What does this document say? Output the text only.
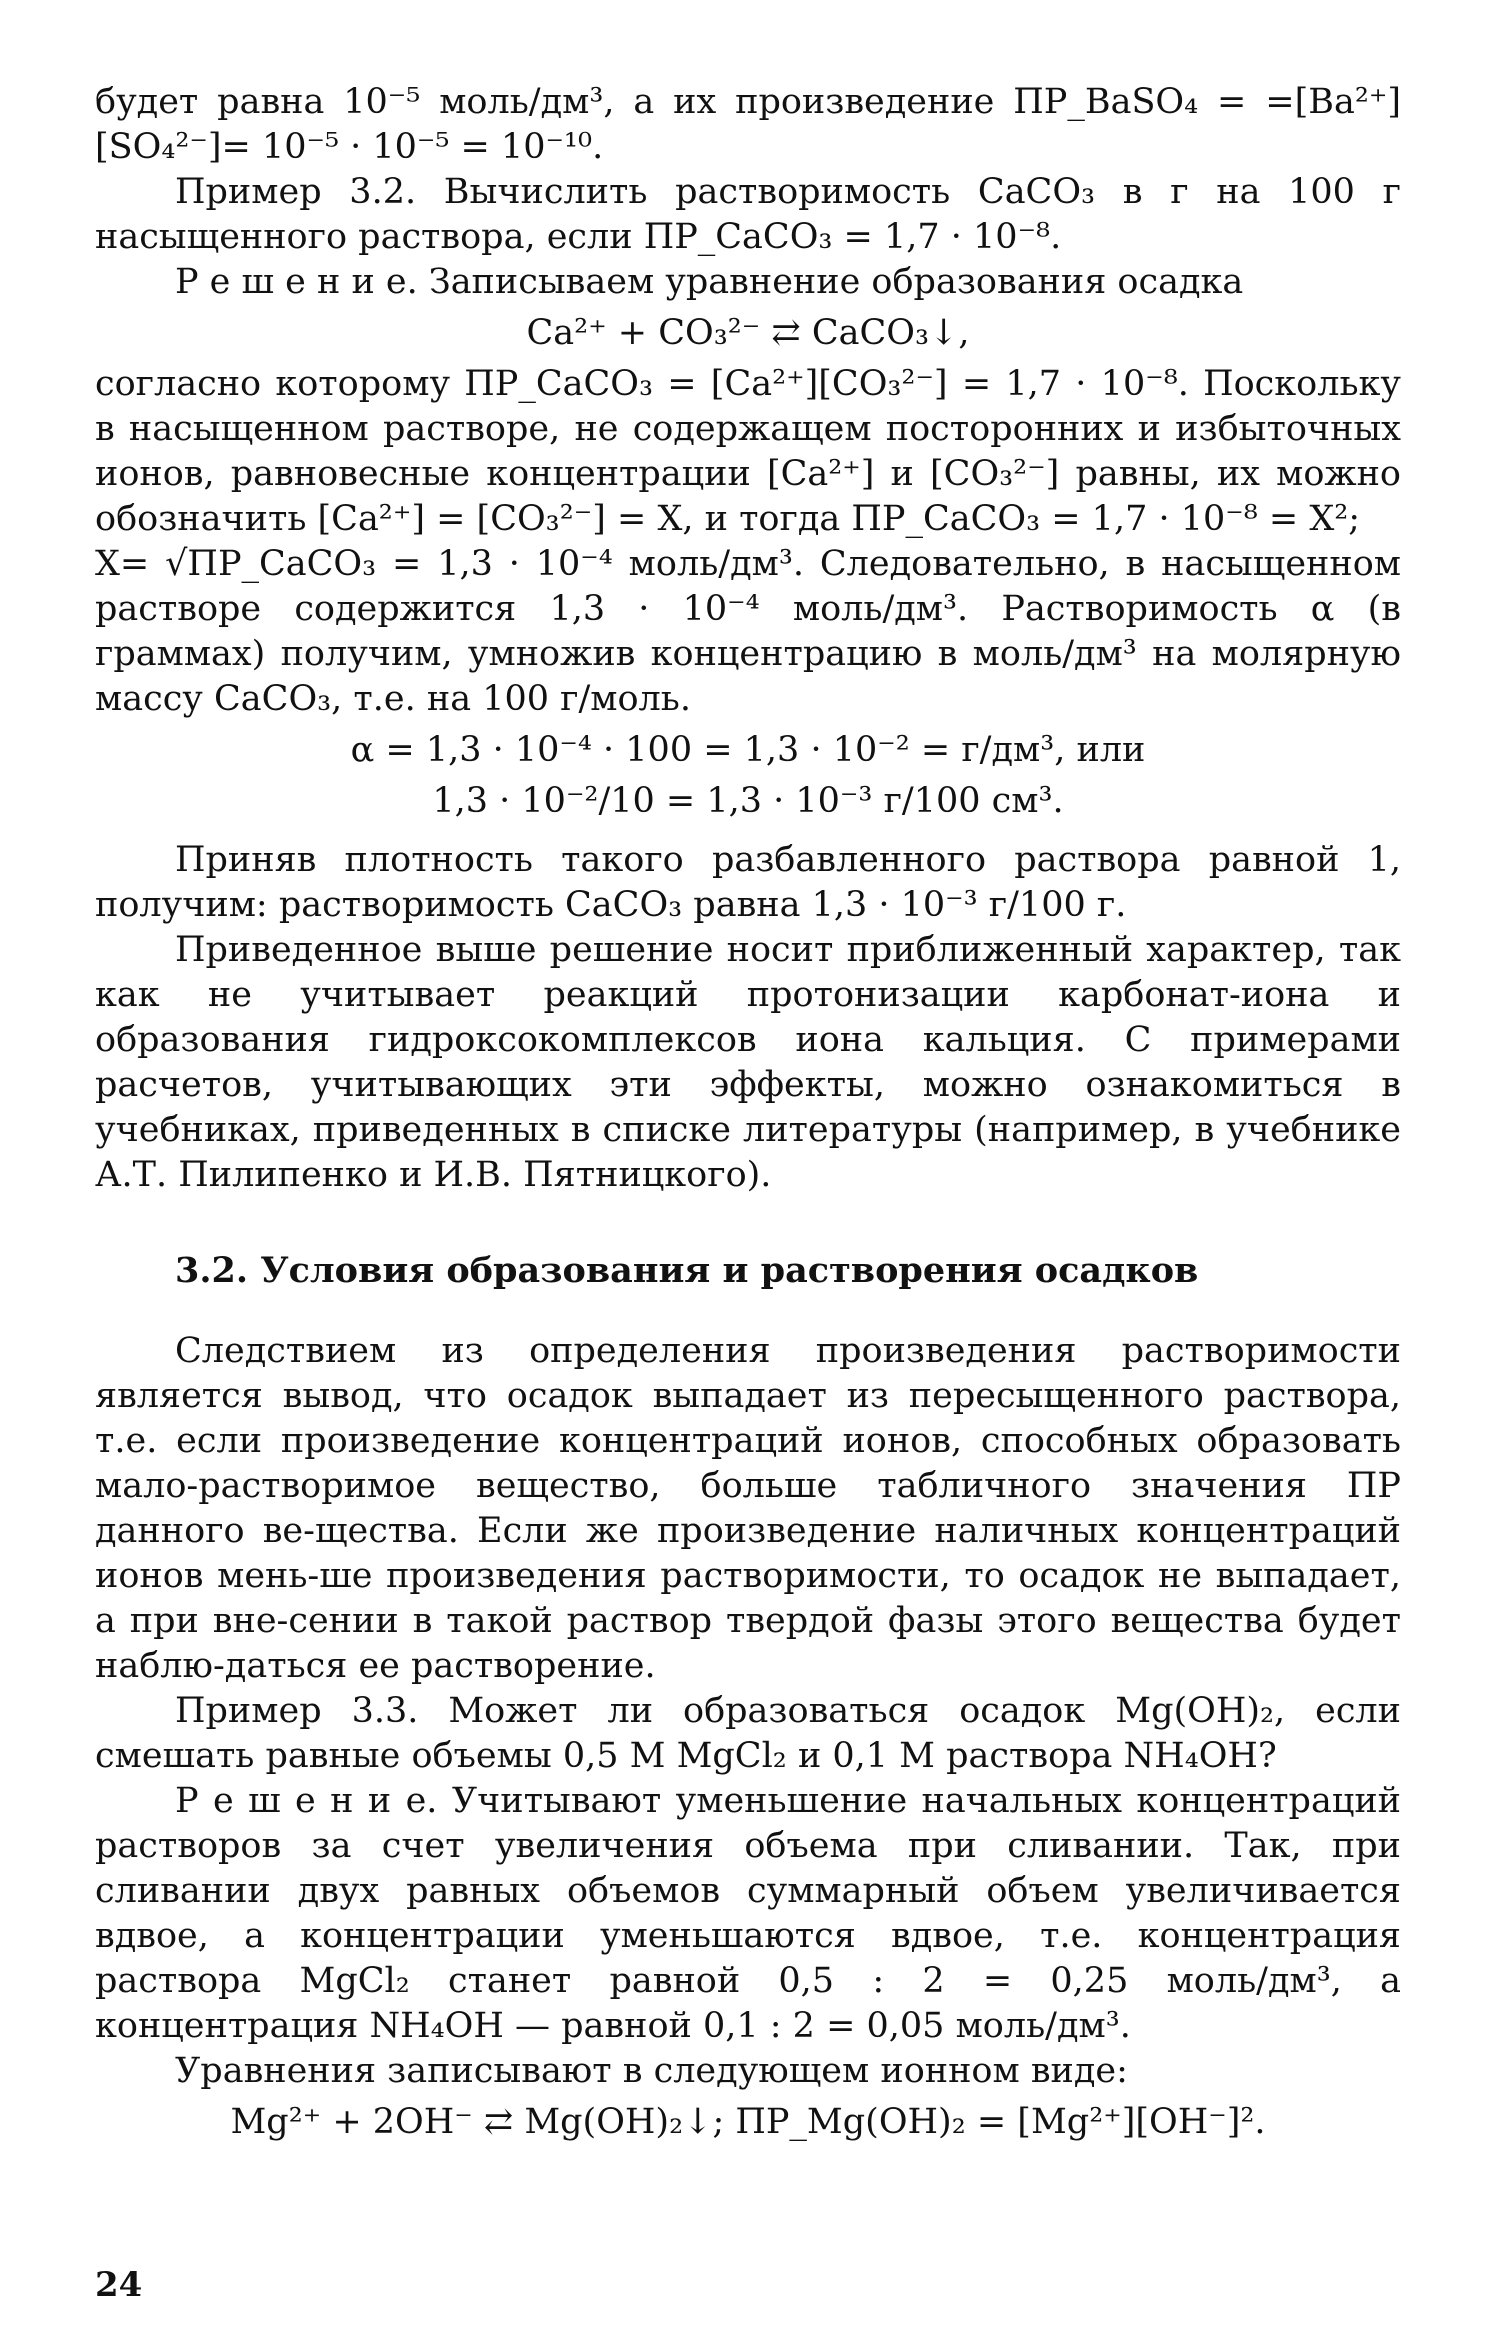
будет равна 10⁻⁵ моль/дм³, а их произведение ПР_BaSO₄ = =[Ba²⁺][SO₄²⁻]= 10⁻⁵ · 10⁻⁵ = 10⁻¹⁰.

Пример 3.2. Вычислить растворимость CaCO₃ в г на 100 г насыщенного раствора, если ПР_CaCO₃ = 1,7 · 10⁻⁸.

Р е ш е н и е. Записываем уравнение образования осадка

Ca²⁺ + CO₃²⁻ ⇄ CaCO₃↓,

согласно которому ПР_CaCO₃ = [Ca²⁺][CO₃²⁻] = 1,7 · 10⁻⁸. Поскольку в насыщенном растворе, не содержащем посторонних и избыточных ионов, равновесные концентрации [Ca²⁺] и [CO₃²⁻] равны, их можно обозначить [Ca²⁺] = [CO₃²⁻] = X, и тогда ПР_CaCO₃ = 1,7 · 10⁻⁸ = X²;

X= √ПР_CaCO₃ = 1,3 · 10⁻⁴ моль/дм³. Следовательно, в насыщенном растворе содержится 1,3 · 10⁻⁴ моль/дм³. Растворимость α (в граммах) получим, умножив концентрацию в моль/дм³ на молярную массу CaCO₃, т.е. на 100 г/моль.

α = 1,3 · 10⁻⁴ · 100 = 1,3 · 10⁻² = г/дм³, или

1,3 · 10⁻²/10 = 1,3 · 10⁻³ г/100 см³.

Приняв плотность такого разбавленного раствора равной 1, получим: растворимость CaCO₃ равна 1,3 · 10⁻³ г/100 г.

Приведенное выше решение носит приближенный характер, так как не учитывает реакций протонизации карбонат-иона и образования гидроксокомплексов иона кальция. С примерами расчетов, учитывающих эти эффекты, можно ознакомиться в учебниках, приведенных в списке литературы (например, в учебнике А.Т. Пилипенко и И.В. Пятницкого).

3.2. Условия образования и растворения осадков

Следствием из определения произведения растворимости является вывод, что осадок выпадает из пересыщенного раствора, т.е. если произведение концентраций ионов, способных образовать мало-растворимое вещество, больше табличного значения ПР данного ве-щества. Если же произведение наличных концентраций ионов мень-ше произведения растворимости, то осадок не выпадает, а при вне-сении в такой раствор твердой фазы этого вещества будет наблю-даться ее растворение.

Пример 3.3. Может ли образоваться осадок Mg(OH)₂, если смешать равные объемы 0,5 M MgCl₂ и 0,1 M раствора NH₄OH?

Р е ш е н и е. Учитывают уменьшение начальных концентраций растворов за счет увеличения объема при сливании. Так, при сливании двух равных объемов суммарный объем увеличивается вдвое, а концентрации уменьшаются вдвое, т.е. концентрация раствора MgCl₂ станет равной 0,5 : 2 = 0,25 моль/дм³, а концентрация NH₄OH — равной 0,1 : 2 = 0,05 моль/дм³.

Уравнения записывают в следующем ионном виде:

Mg²⁺ + 2OH⁻ ⇄ Mg(OH)₂↓; ПР_Mg(OH)₂ = [Mg²⁺][OH⁻]².

24
